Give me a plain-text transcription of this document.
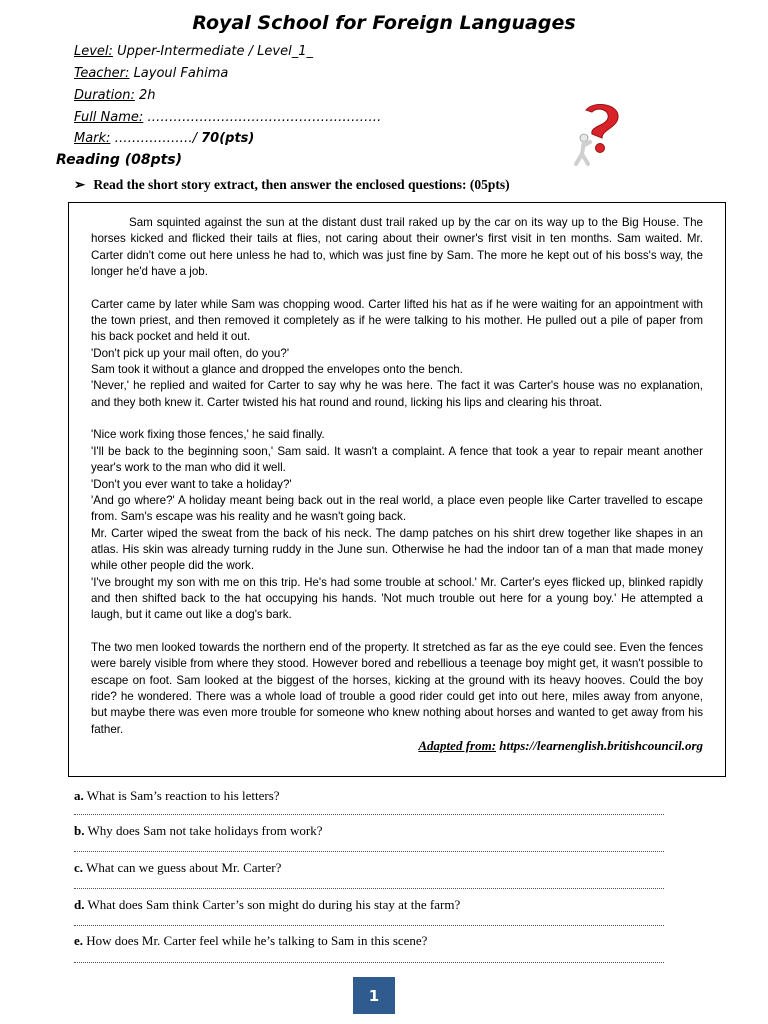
Royal School for Foreign Languages
Level: Upper-Intermediate / Level_1_
Teacher: Layoul Fahima
Duration: 2h
Full Name: ………………………………………………
Mark: ………………/ 70(pts)
Reading (08pts)
➢ Read the short story extract, then answer the enclosed questions: (05pts)

Sam squinted against the sun at the distant dust trail raked up by the car on its way up to the Big House. The horses kicked and flicked their tails at flies, not caring about their owner's first visit in ten months. Sam waited. Mr. Carter didn't come out here unless he had to, which was just fine by Sam. The more he kept out of his boss's way, the longer he'd have a job.

Carter came by later while Sam was chopping wood. Carter lifted his hat as if he were waiting for an appointment with the town priest, and then removed it completely as if he were talking to his mother. He pulled out a pile of paper from his back pocket and held it out.

'Don't pick up your mail often, do you?'

Sam took it without a glance and dropped the envelopes onto the bench.

'Never,' he replied and waited for Carter to say why he was here. The fact it was Carter's house was no explanation, and they both knew it. Carter twisted his hat round and round, licking his lips and clearing his throat.

'Nice work fixing those fences,' he said finally.

'I'll be back to the beginning soon,' Sam said. It wasn't a complaint. A fence that took a year to repair meant another year's work to the man who did it well.

'Don't you ever want to take a holiday?'

'And go where?' A holiday meant being back out in the real world, a place even people like Carter travelled to escape from. Sam's escape was his reality and he wasn't going back.

Mr. Carter wiped the sweat from the back of his neck. The damp patches on his shirt drew together like shapes in an atlas. His skin was already turning ruddy in the June sun. Otherwise he had the indoor tan of a man that made money while other people did the work.

'I've brought my son with me on this trip. He's had some trouble at school.' Mr. Carter's eyes flicked up, blinked rapidly and then shifted back to the hat occupying his hands. 'Not much trouble out here for a young boy.' He attempted a laugh, but it came out like a dog's bark.

The two men looked towards the northern end of the property. It stretched as far as the eye could see. Even the fences were barely visible from where they stood. However bored and rebellious a teenage boy might get, it wasn't possible to escape on foot. Sam looked at the biggest of the horses, kicking at the ground with its heavy hooves. Could the boy ride? he wondered. There was a whole load of trouble a good rider could get into out here, miles away from anyone, but maybe there was even more trouble for someone who knew nothing about horses and wanted to get away from his father.

Adapted from: https://learnenglish.britishcouncil.org
a. What is Sam’s reaction to his letters?
b. Why does Sam not take holidays from work?
c. What can we guess about Mr. Carter?
d. What does Sam think Carter’s son might do during his stay at the farm?
e. How does Mr. Carter feel while he’s talking to Sam in this scene?
1
